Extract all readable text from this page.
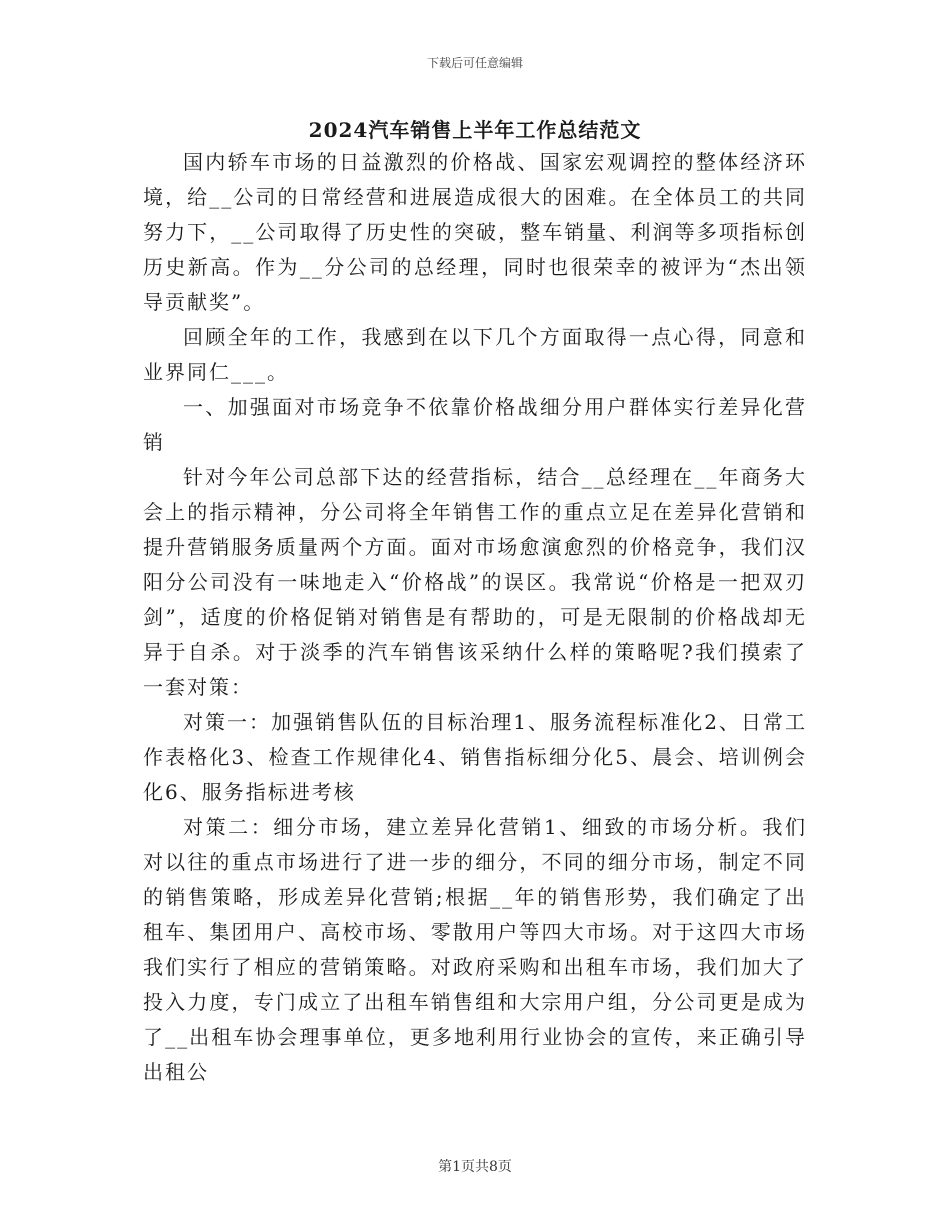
下载后可任意编辑
2024汽车销售上半年工作总结范文

国内轿车市场的日益激烈的价格战、国家宏观调控的整体经济环境，给__公司的日常经营和进展造成很大的困难。在全体员工的共同努力下，__公司取得了历史性的突破，整车销量、利润等多项指标创历史新高。作为__分公司的总经理，同时也很荣幸的被评为“杰出领导贡献奖”。

回顾全年的工作，我感到在以下几个方面取得一点心得，同意和业界同仁___。

一、加强面对市场竞争不依靠价格战细分用户群体实行差异化营销

针对今年公司总部下达的经营指标，结合__总经理在__年商务大会上的指示精神，分公司将全年销售工作的重点立足在差异化营销和提升营销服务质量两个方面。面对市场愈演愈烈的价格竞争，我们汉阳分公司没有一味地走入“价格战”的误区。我常说“价格是一把双刃剑”，适度的价格促销对销售是有帮助的，可是无限制的价格战却无异于自杀。对于淡季的汽车销售该采纳什么样的策略呢?我们摸索了一套对策：

对策一：加强销售队伍的目标治理1、服务流程标准化2、日常工作表格化3、检查工作规律化4、销售指标细分化5、晨会、培训例会化6、服务指标进考核

对策二：细分市场，建立差异化营销1、细致的市场分析。我们对以往的重点市场进行了进一步的细分，不同的细分市场，制定不同的销售策略，形成差异化营销;根据__年的销售形势，我们确定了出租车、集团用户、高校市场、零散用户等四大市场。对于这四大市场我们实行了相应的营销策略。对政府采购和出租车市场，我们加大了投入力度，专门成立了出租车销售组和大宗用户组，分公司更是成为了__出租车协会理事单位，更多地利用行业协会的宣传，来正确引导出租公

第1页共8页
